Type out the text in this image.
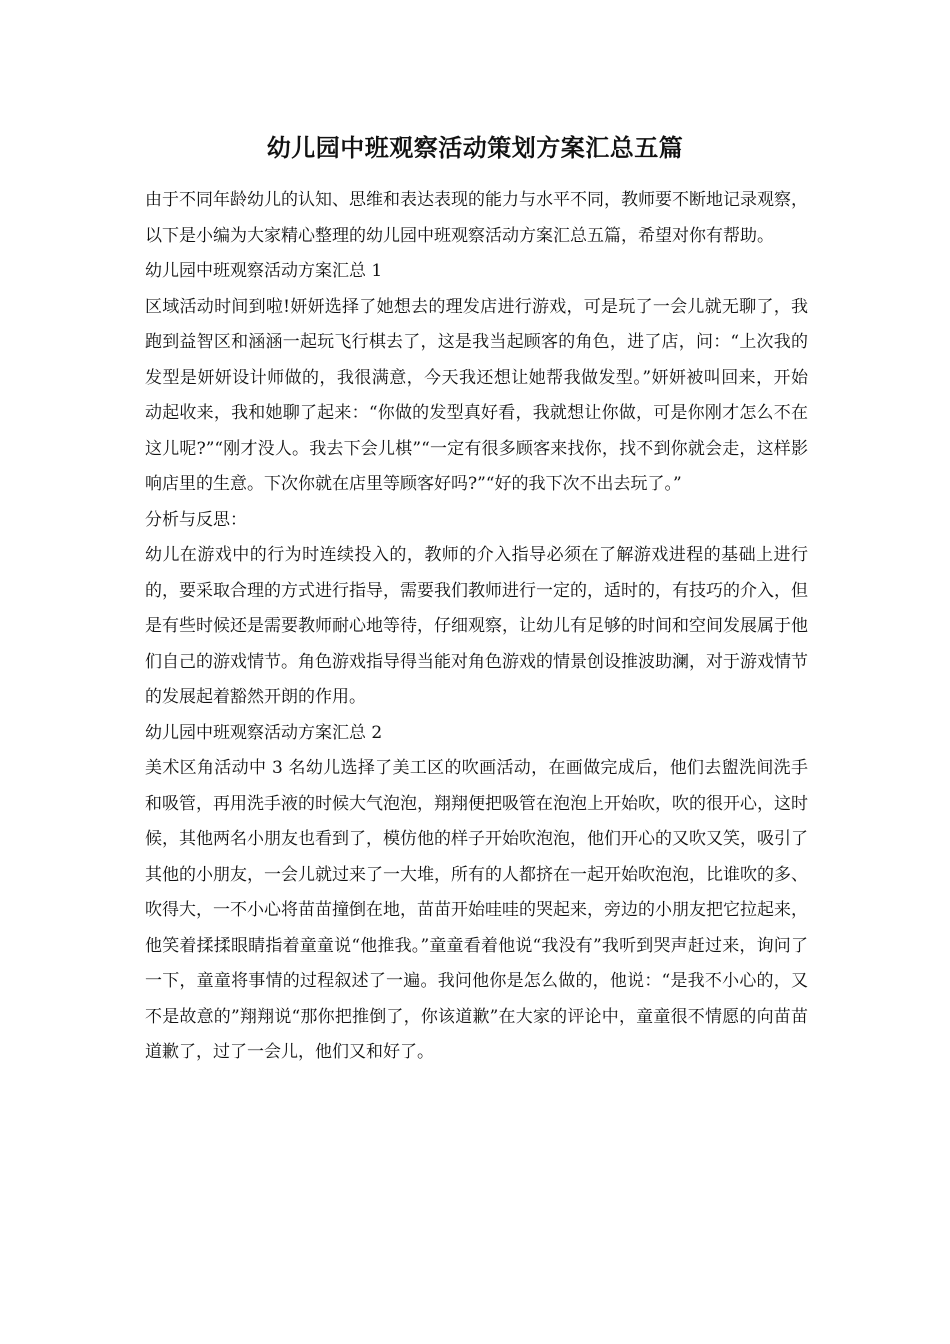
幼儿园中班观察活动策划方案汇总五篇

由于不同年龄幼儿的认知、思维和表达表现的能力与水平不同，教师要不断地记录观察，以下是小编为大家精心整理的幼儿园中班观察活动方案汇总五篇，希望对你有帮助。

幼儿园中班观察活动方案汇总 1

区域活动时间到啦!妍妍选择了她想去的理发店进行游戏，可是玩了一会儿就无聊了，我跑到益智区和涵涵一起玩飞行棋去了，这是我当起顾客的角色，进了店，问：“上次我的发型是妍妍设计师做的，我很满意，今天我还想让她帮我做发型。”妍妍被叫回来，开始动起收来，我和她聊了起来：“你做的发型真好看，我就想让你做，可是你刚才怎么不在这儿呢?”“刚才没人。我去下会儿棋”“一定有很多顾客来找你，找不到你就会走，这样影响店里的生意。下次你就在店里等顾客好吗?”“好的我下次不出去玩了。”

分析与反思：

幼儿在游戏中的行为时连续投入的，教师的介入指导必须在了解游戏进程的基础上进行的，要采取合理的方式进行指导，需要我们教师进行一定的，适时的，有技巧的介入，但是有些时候还是需要教师耐心地等待，仔细观察，让幼儿有足够的时间和空间发展属于他们自己的游戏情节。角色游戏指导得当能对角色游戏的情景创设推波助澜，对于游戏情节的发展起着豁然开朗的作用。

幼儿园中班观察活动方案汇总 2

美术区角活动中 3 名幼儿选择了美工区的吹画活动，在画做完成后，他们去盥洗间洗手和吸管，再用洗手液的时候大气泡泡，翔翔便把吸管在泡泡上开始吹，吹的很开心，这时候，其他两名小朋友也看到了，模仿他的样子开始吹泡泡，他们开心的又吹又笑，吸引了其他的小朋友，一会儿就过来了一大堆，所有的人都挤在一起开始吹泡泡，比谁吹的多、吹得大，一不小心将苗苗撞倒在地，苗苗开始哇哇的哭起来，旁边的小朋友把它拉起来，他笑着揉揉眼睛指着童童说“他推我。”童童看着他说“我没有”我听到哭声赶过来，询问了一下，童童将事情的过程叙述了一遍。我问他你是怎么做的，他说：“是我不小心的，又不是故意的”翔翔说“那你把推倒了，你该道歉”在大家的评论中，童童很不情愿的向苗苗道歉了，过了一会儿，他们又和好了。
